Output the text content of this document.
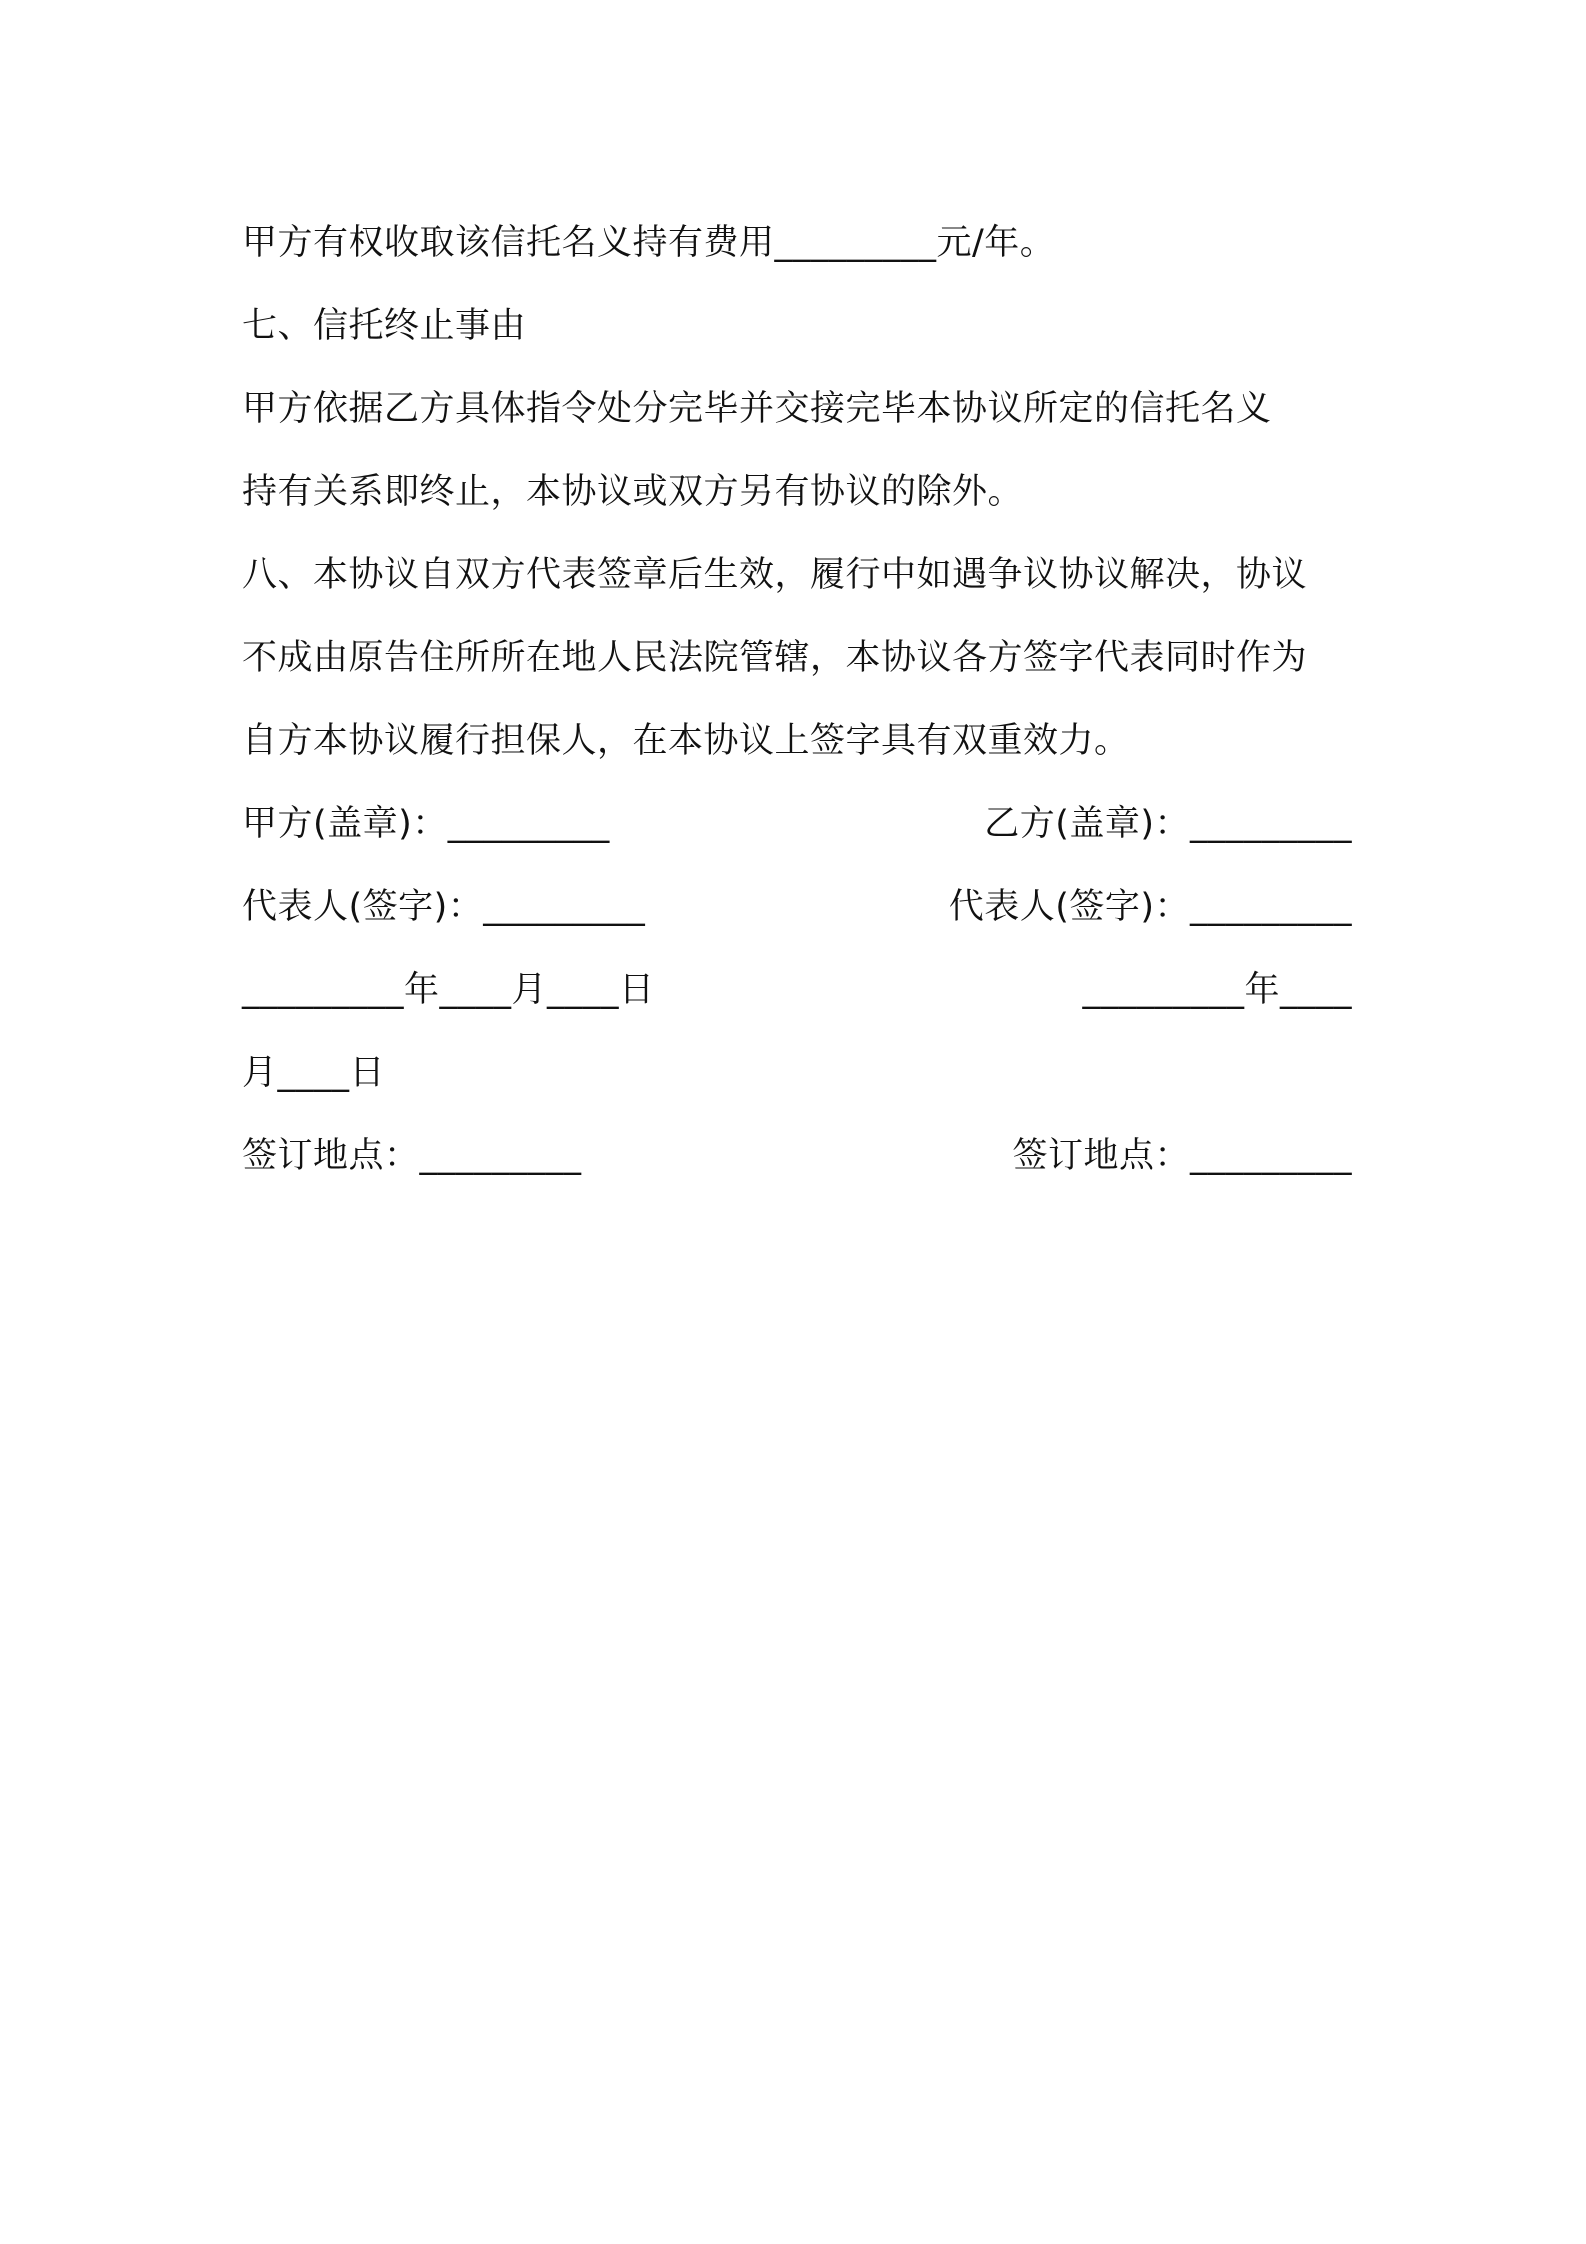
甲方有权收取该信托名义持有费用_________元/年。
七、信托终止事由
甲方依据乙方具体指令处分完毕并交接完毕本协议所定的信托名义
持有关系即终止，本协议或双方另有协议的除外。
八、本协议自双方代表签章后生效，履行中如遇争议协议解决，协议
不成由原告住所所在地人民法院管辖，本协议各方签字代表同时作为
自方本协议履行担保人，在本协议上签字具有双重效力。
甲方(盖章)：_________	乙方(盖章)：_________
代表人(签字)：_________	代表人(签字)：_________
_________年____月____日	_________年____
月____日
签订地点：_________	签订地点：_________
